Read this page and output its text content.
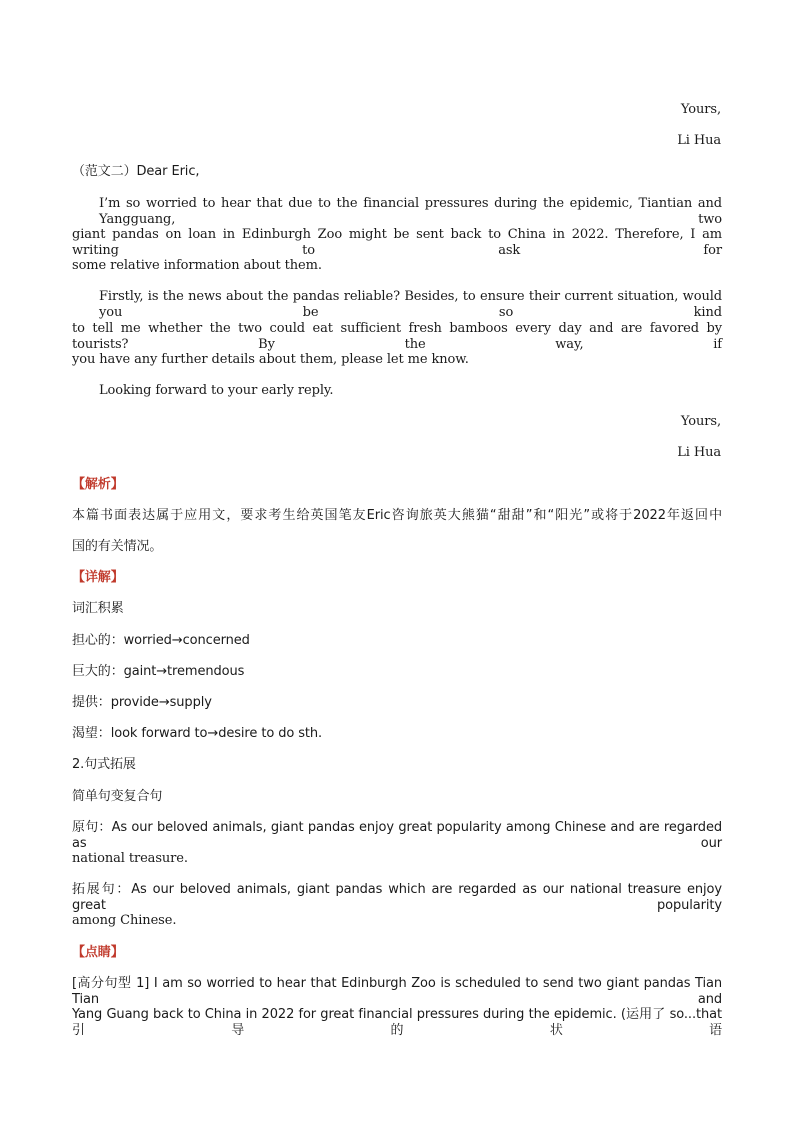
Yours,
Li Hua
（范文二）Dear Eric,
I’m so worried to hear that due to the financial pressures during the epidemic, Tiantian and Yangguang, two
giant pandas on loan in Edinburgh Zoo might be sent back to China in 2022. Therefore, I am writing to ask for
some relative information about them.
Firstly, is the news about the pandas reliable? Besides, to ensure their current situation, would you be so kind
to tell me whether the two could eat sufficient fresh bamboos every day and are favored by tourists? By the way, if
you have any further details about them, please let me know.
Looking forward to your early reply.
Yours,
Li Hua
【解析】
本篇书面表达属于应用文，要求考生给英国笔友Eric咨询旅英大熊猫“甜甜”和“阳光”或将于2022年返回中
国的有关情况。
【详解】
词汇积累
担心的：worried→concerned
巨大的：gaint→tremendous
提供：provide→supply
渴望：look forward to→desire to do sth.
2.句式拓展
简单句变复合句
原句：As our beloved animals, giant pandas enjoy great popularity among Chinese and are regarded as our
national treasure.
拓展句：As our beloved animals, giant pandas which are regarded as our national treasure enjoy great popularity
among Chinese.
【点睛】
[高分句型 1] I am so worried to hear that Edinburgh Zoo is scheduled to send two giant pandas Tian Tian and
Yang Guang back to China in 2022 for great financial pressures during the epidemic. (运用了 so...that 引导的状语
